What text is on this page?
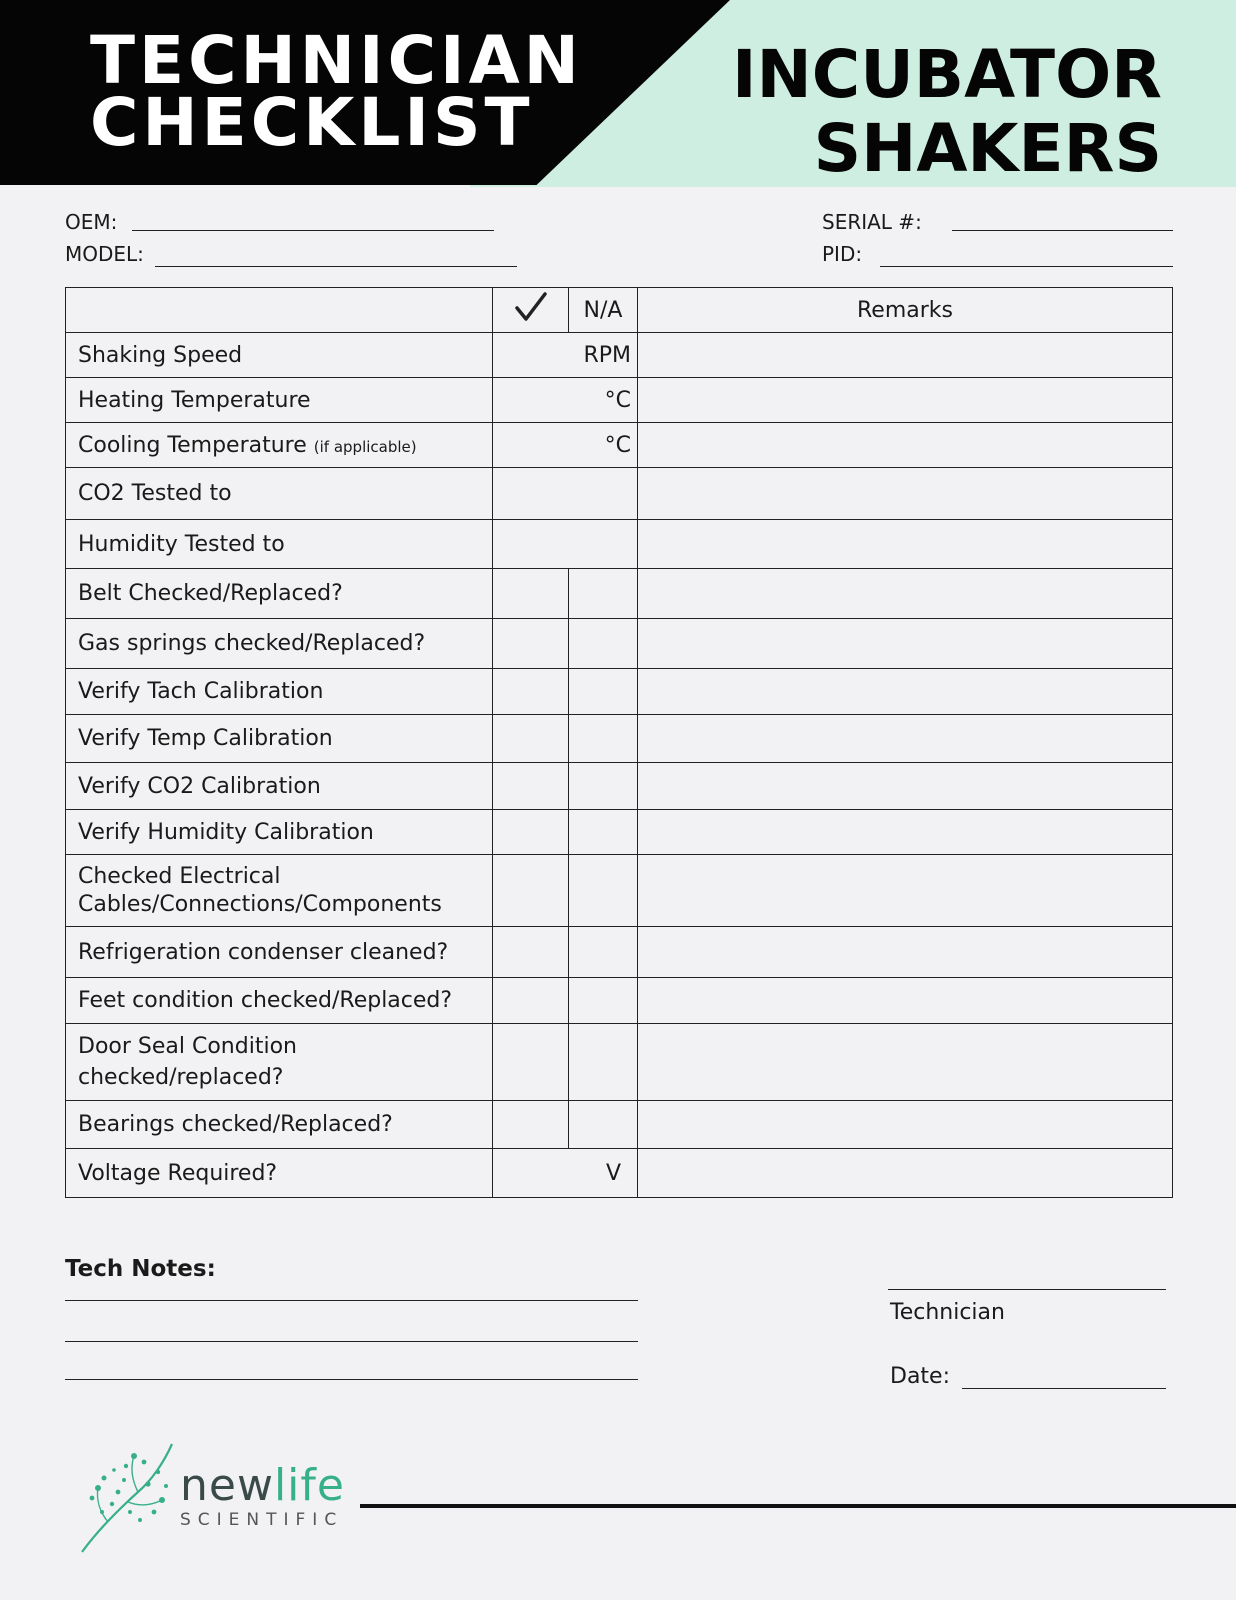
TECHNICIAN
CHECKLIST
INCUBATOR
SHAKERS
OEM:
MODEL:
SERIAL #:
PID:
		N/A	Remarks
Shaking Speed	RPM		
Heating Temperature	°C		
Cooling Temperature (if applicable)	°C		
CO2 Tested to			
Humidity Tested to			
Belt Checked/Replaced?			
Gas springs checked/Replaced?			
Verify Tach Calibration			
Verify Temp Calibration			
Verify CO2 Calibration			
Verify Humidity Calibration			

Checked Electrical
Cables/Connections/Components			

Refrigeration condenser cleaned?			
Feet condition checked/Replaced?			

Door Seal Condition
checked/replaced?			

Bearings checked/Replaced?			
Voltage Required?	V		
Tech Notes:
Technician
Date:
newlife
SCIENTIFIC
